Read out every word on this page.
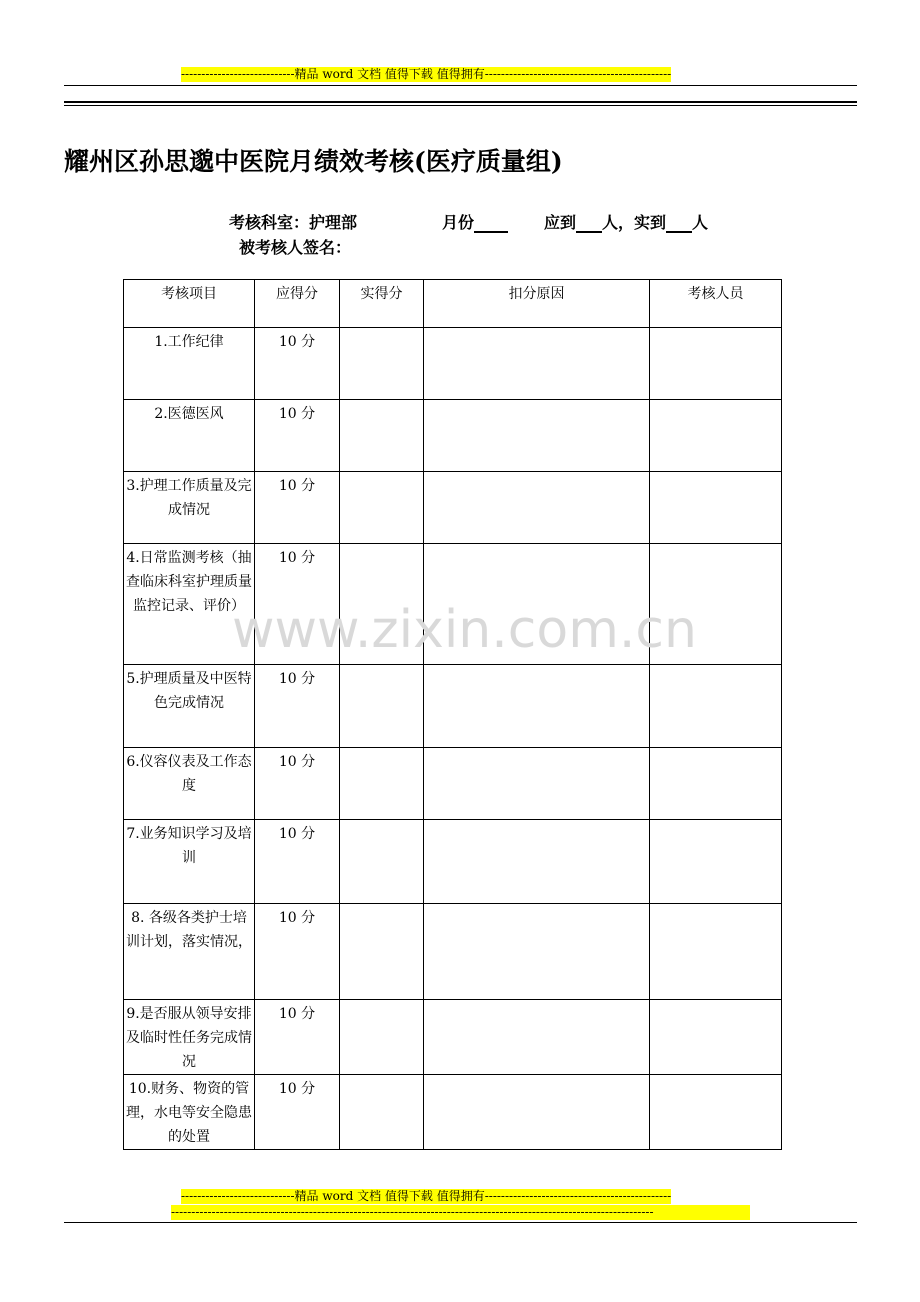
----------------------------精品 word 文档 值得下载 值得拥有----------------------------------------------
耀州区孙思邈中医院月绩效考核(医疗质量组)
考核科室：护理部	月份	应到 人，实到 人
被考核人签名：
考核项目	应得分	实得分	扣分原因	考核人员
1.工作纪律	10 分			
2.医德医风	10 分			
3.护理工作质量及完成情况	10 分			
4.日常监测考核（抽查临床科室护理质量监控记录、评价）	10 分			
5.护理质量及中医特色完成情况	10 分			
6.仪容仪表及工作态度	10 分			
7.业务知识学习及培训	10 分			
8. 各级各类护士培训计划，落实情况，	10 分			
9.是否服从领导安排及临时性任务完成情况	10 分			
10.财务、物资的管理，水电等安全隐患的处置	10 分			
www.zixin.com.cn
----------------------------精品 word 文档 值得下载 值得拥有----------------------------------------------
-----------------------------------------------------------------------------------------------------------------------
